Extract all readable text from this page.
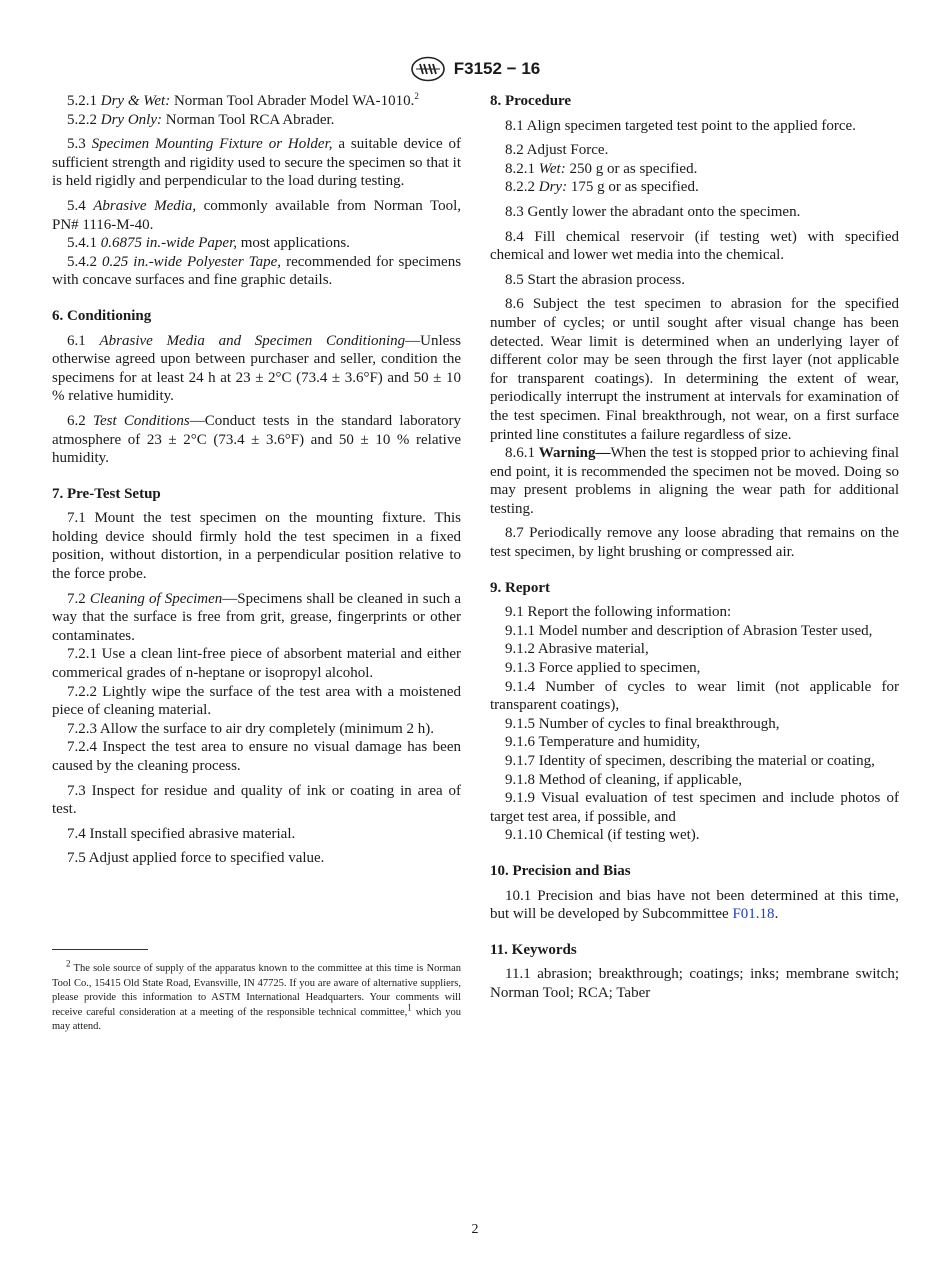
F3152 − 16

5.2.1 Dry & Wet: Norman Tool Abrader Model WA-1010.$^2$

5.2.2 Dry Only: Norman Tool RCA Abrader.

5.3 Specimen Mounting Fixture or Holder, a suitable device of sufficient strength and rigidity used to secure the specimen so that it is held rigidly and perpendicular to the load during testing.

5.4 Abrasive Media, commonly available from Norman Tool, PN# 1116-M-40.

5.4.1 0.6875 in.-wide Paper, most applications.

5.4.2 0.25 in.-wide Polyester Tape, recommended for specimens with concave surfaces and fine graphic details.

6. Conditioning

6.1 Abrasive Media and Specimen Conditioning—Unless otherwise agreed upon between purchaser and seller, condition the specimens for at least 24 h at 23 ± 2°C (73.4 ± 3.6°F) and 50 ± 10 % relative humidity.

6.2 Test Conditions—Conduct tests in the standard laboratory atmosphere of 23 ± 2°C (73.4 ± 3.6°F) and 50 ± 10 % relative humidity.

7. Pre-Test Setup

7.1 Mount the test specimen on the mounting fixture. This holding device should firmly hold the test specimen in a fixed position, without distortion, in a perpendicular position relative to the force probe.

7.2 Cleaning of Specimen—Specimens shall be cleaned in such a way that the surface is free from grit, grease, fingerprints or other contaminates.

7.2.1 Use a clean lint-free piece of absorbent material and either commerical grades of n-heptane or isopropyl alcohol.

7.2.2 Lightly wipe the surface of the test area with a moistened piece of cleaning material.

7.2.3 Allow the surface to air dry completely (minimum 2 h).

7.2.4 Inspect the test area to ensure no visual damage has been caused by the cleaning process.

7.3 Inspect for residue and quality of ink or coating in area of test.

7.4 Install specified abrasive material.

7.5 Adjust applied force to specified value.

$^2$ The sole source of supply of the apparatus known to the committee at this time is Norman Tool Co., 15415 Old State Road, Evansville, IN 47725. If you are aware of alternative suppliers, please provide this information to ASTM International Headquarters. Your comments will receive careful consideration at a meeting of the responsible technical committee,$^1$ which you may attend.

8. Procedure

8.1 Align specimen targeted test point to the applied force.

8.2 Adjust Force.

8.2.1 Wet: 250 g or as specified.

8.2.2 Dry: 175 g or as specified.

8.3 Gently lower the abradant onto the specimen.

8.4 Fill chemical reservoir (if testing wet) with specified chemical and lower wet media into the chemical.

8.5 Start the abrasion process.

8.6 Subject the test specimen to abrasion for the specified number of cycles; or until sought after visual change has been detected. Wear limit is determined when an underlying layer of different color may be seen through the first layer (not applicable for transparent coatings). In determining the extent of wear, periodically interrupt the instrument at intervals for examination of the test specimen. Final breakthrough, not wear, on a first surface printed line constitutes a failure regardless of size.

8.6.1 Warning—When the test is stopped prior to achieving final end point, it is recommended the specimen not be moved. Doing so may present problems in aligning the wear path for additional testing.

8.7 Periodically remove any loose abrading that remains on the test specimen, by light brushing or compressed air.

9. Report

9.1 Report the following information:

9.1.1 Model number and description of Abrasion Tester used,

9.1.2 Abrasive material,

9.1.3 Force applied to specimen,

9.1.4 Number of cycles to wear limit (not applicable for transparent coatings),

9.1.5 Number of cycles to final breakthrough,

9.1.6 Temperature and humidity,

9.1.7 Identity of specimen, describing the material or coating,

9.1.8 Method of cleaning, if applicable,

9.1.9 Visual evaluation of test specimen and include photos of target test area, if possible, and

9.1.10 Chemical (if testing wet).

10. Precision and Bias

10.1 Precision and bias have not been determined at this time, but will be developed by Subcommittee F01.18.

11. Keywords

11.1 abrasion; breakthrough; coatings; inks; membrane switch; Norman Tool; RCA; Taber

2
